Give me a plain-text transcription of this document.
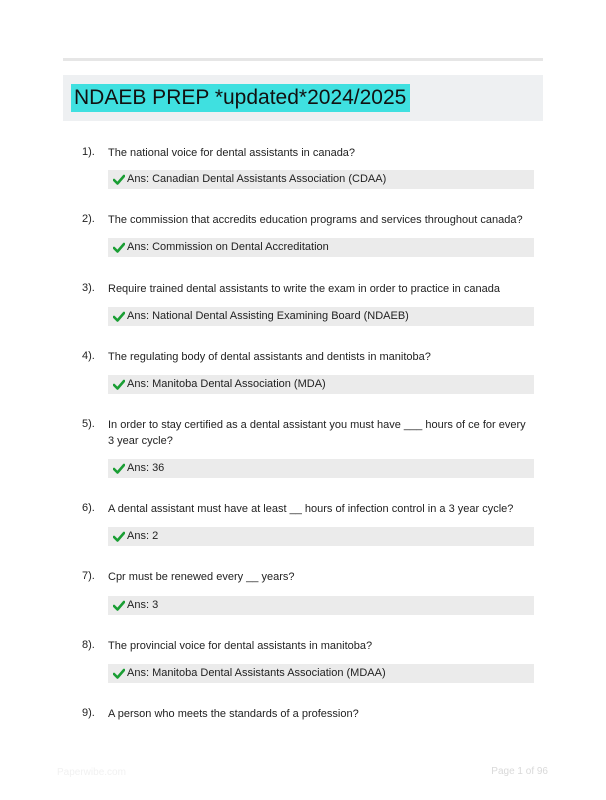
NDAEB PREP *updated*2024/2025
1). The national voice for dental assistants in canada?
Ans: Canadian Dental Assistants Association (CDAA)
2). The commission that accredits education programs and services throughout canada?
Ans: Commission on Dental Accreditation
3). Require trained dental assistants to write the exam in order to practice in canada
Ans: National Dental Assisting Examining Board (NDAEB)
4). The regulating body of dental assistants and dentists in manitoba?
Ans: Manitoba Dental Association (MDA)
5). In order to stay certified as a dental assistant you must have ___ hours of ce for every 3 year cycle?
Ans: 36
6). A dental assistant must have at least __ hours of infection control in a 3 year cycle?
Ans: 2
7). Cpr must be renewed every __ years?
Ans: 3
8). The provincial voice for dental assistants in manitoba?
Ans: Manitoba Dental Assistants Association (MDAA)
9). A person who meets the standards of a profession?
Paperwibe.com	Page 1 of 96
